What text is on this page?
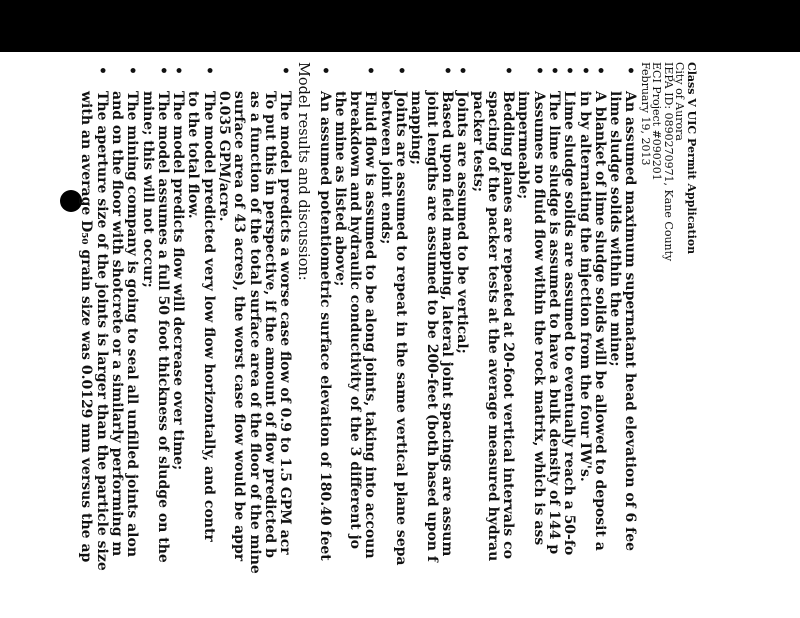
Class V UIC Permit Application
City of Aurora
IEPA ID: 0890270971, Kane County
ECI Project #090201
February 19, 2013
•
An assumed maximum supernatant head elevation of 6 fee
lime sludge solids within the mine;
•
A blanket of lime sludge solids will be allowed to deposit a
•
in by alternating the injection from the four IW's.
•
Lime sludge solids are assumed to eventually reach a 50-fo
•
The lime sludge is assumed to have a bulk density of 144 p
•
Assumes no fluid flow within the rock matrix, which is ass
impermeable;
•
Bedding planes are repeated at 20-foot vertical intervals co
spacing of the packer tests at the average measured hydrau
packer tests;
•
Joints are assumed to be vertical;
•
Based upon field mapping, lateral joint spacings are assum
joint lengths are assumed to be 200-feet (both based upon f
mapping;
•
Joints are assumed to repeat in the same vertical plane sepa
between joint ends;
•
Fluid flow is assumed to be along joints, taking into accoun
breakdown and hydraulic conductivity of the 3 different jo
the mine as listed above;
•
An assumed potentiometric surface elevation of 180.40 feet
Model results and discussion:
•
The model predicts a worse case flow of 0.9 to 1.5 GPM acr
To put this in perspective, if the amount of flow predicted b
as a function of the total surface area of the floor of the mine
surface area of 43 acres), the worst case flow would be appr
0.035 GPM/acre.
•
The model predicted very low flow horizontally, and contr
to the total flow.
•
The model predicts flow will decrease over time;
•
The model assumes a full 50 foot thickness of sludge on the
mine; this will not occur;
•
The mining company is going to seal all unfilled joints alon
and on the floor with shotcrete or a similarly performing m
•
The aperture size of the joints is larger than the particle size
with an average D₅₀ grain size was 0.0129 mm versus the ap
